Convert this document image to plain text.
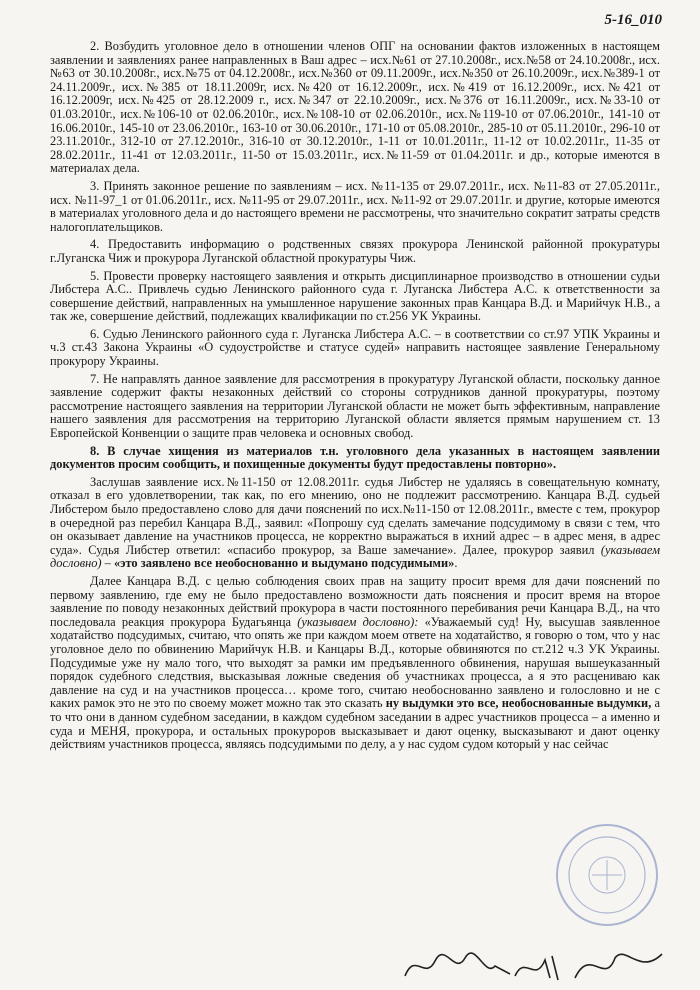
5-16_010

2. Возбудить уголовное дело в отношении членов ОПГ на основании фактов изложенных в настоящем заявлении и заявлениях ранее направленных в Ваш адрес – исх.№61 от 27.10.2008г., исх.№58 от 24.10.2008г., исх.№63 от 30.10.2008г., исх.№75 от 04.12.2008г., исх.№360 от 09.11.2009г., исх.№350 от 26.10.2009г., исх.№389-1 от 24.11.2009г., исх.№385 от 18.11.2009г, исх.№420 от 16.12.2009г., исх.№419 от 16.12.2009г., исх.№421 от 16.12.2009г, исх.№425 от 28.12.2009 г., исх.№347 от 22.10.2009г., исх.№376 от 16.11.2009г., исх.№33-10 от 01.03.2010г., исх.№106-10 от 02.06.2010г., исх.№108-10 от 02.06.2010г., исх.№119-10 от 07.06.2010г., 141-10 от 16.06.2010г., 145-10 от 23.06.2010г., 163-10 от 30.06.2010г., 171-10 от 05.08.2010г., 285-10 от 05.11.2010г., 296-10 от 23.11.2010г., 312-10 от 27.12.2010г., 316-10 от 30.12.2010г., 1-11 от 10.01.2011г., 11-12 от 10.02.2011г., 11-35 от 28.02.2011г., 11-41 от 12.03.2011г., 11-50 от 15.03.2011г., исх.№11-59 от 01.04.2011г. и др., которые имеются в материалах дела.

3. Принять законное решение по заявлениям – исх. №11-135 от 29.07.2011г., исх. №11-83 от 27.05.2011г., исх. №11-97_1 от 01.06.2011г., исх. №11-95 от 29.07.2011г., исх. №11-92 от 29.07.2011г. и другие, которые имеются в материалах уголовного дела и до настоящего времени не рассмотрены, что значительно сократит затраты средств налогоплательщиков.

4. Предоставить информацию о родственных связях прокурора Ленинской районной прокуратуры г.Луганска Чиж и прокурора Луганской областной прокуратуры Чиж.

5. Провести проверку настоящего заявления и открыть дисциплинарное производство в отношении судьи Либстера А.С.. Привлечь судью Ленинского районного суда г. Луганска Либстера А.С. к ответственности за совершение действий, направленных на умышленное нарушение законных прав Канцара В.Д. и Марийчук Н.В., а так же, совершение действий, подлежащих квалификации по ст.256 УК Украины.

6. Судью Ленинского районного суда г. Луганска Либстера А.С. – в соответствии со ст.97 УПК Украины и ч.3 ст.43 Закона Украины «О судоустройстве и статусе судей» направить настоящее заявление Генеральному прокурору Украины.

7. Не направлять данное заявление для рассмотрения в прокуратуру Луганской области, поскольку данное заявление содержит факты незаконных действий со стороны сотрудников данной прокуратуры, поэтому рассмотрение настоящего заявления на территории Луганской области не может быть эффективным, направление нашего заявления для рассмотрения на территорию Луганской области является прямым нарушением ст. 13 Европейской Конвенции о защите прав человека и основных свобод.

8. В случае хищения из материалов т.н. уголовного дела указанных в настоящем заявлении документов просим сообщить, и похищенные документы будут предоставлены повторно».

Заслушав заявление исх.№11-150 от 12.08.2011г. судья Либстер не удаляясь в совещательную комнату, отказал в его удовлетворении, так как, по его мнению, оно не подлежит рассмотрению. Канцара В.Д. судьей Либстером было предоставлено слово для дачи пояснений по исх.№11-150 от 12.08.2011г., вместе с тем, прокурор в очередной раз перебил Канцара В.Д., заявил: «Попрошу суд сделать замечание подсудимому в связи с тем, что он оказывает давление на участников процесса, не корректно выражаться в ихний адрес – в адрес меня, в адрес суда». Судья Либстер ответил: «спасибо прокурор, за Ваше замечание». Далее, прокурор заявил (указываем дословно) – «это заявлено все необоснованно и выдумано подсудимыми».

Далее Канцара В.Д. с целью соблюдения своих прав на защиту просит время для дачи пояснений по первому заявлению, где ему не было предоставлено возможности дать пояснения и просит время на второе заявление по поводу незаконных действий прокурора в части постоянного перебивания речи Канцара В.Д., на что последовала реакция прокурора Будагьянца (указываем дословно): «Уважаемый суд! Ну, высушав заявленное ходатайство подсудимых, считаю, что опять же при каждом моем ответе на ходатайство, я говорю о том, что у нас уголовное дело по обвинению Марийчук Н.В. и Канцары В.Д., которые обвиняются по ст.212 ч.3 УК Украины. Подсудимые уже ну мало того, что выходят за рамки им предъявленного обвинения, нарушая вышеуказанный порядок судебного следствия, высказывая ложные сведения об участниках процесса, а я это расцениваю как давление на суд и на участников процесса… кроме того, считаю необоснованно заявлено и голословно и не с каких рамок это не это по своему может можно так это сказать ну выдумки это все, необоснованные выдумки, а то что они в данном судебном заседании, в каждом судебном заседании в адрес участников процесса – а именно и суда и МЕНЯ, прокурора, и остальных прокуроров высказывает и дают оценку, высказывают и дают оценку действиям участников процесса, являясь подсудимыми по делу, а у нас судом судом который у нас сейчас
